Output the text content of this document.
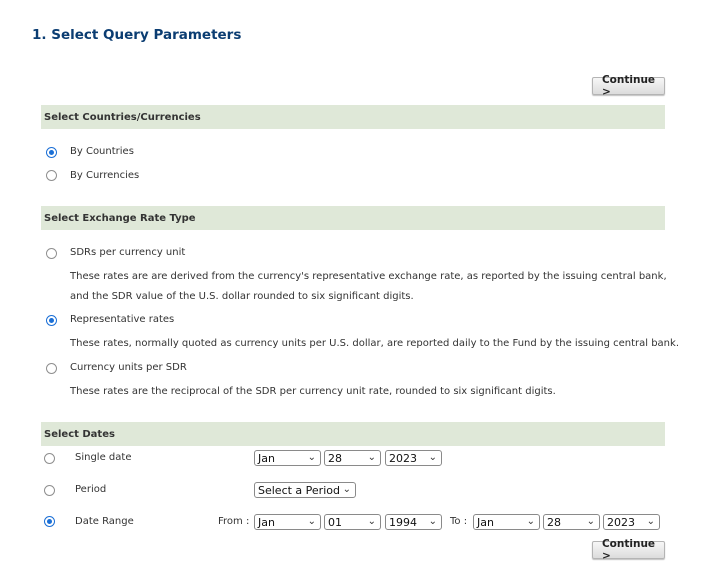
1. Select Query Parameters
Continue >
Select Countries/Currencies
By Countries
By Currencies
Select Exchange Rate Type
SDRs per currency unit
These rates are are derived from the currency's representative exchange rate, as reported by the issuing central bank, and the SDR value of the U.S. dollar rounded to six significant digits.
Representative rates
These rates, normally quoted as currency units per U.S. dollar, are reported daily to the Fund by the issuing central bank.
Currency units per SDR
These rates are the reciprocal of the SDR per currency unit rate, rounded to six significant digits.
Select Dates
Single date	Jan	⌄ 28	⌄ 2023 ⌄
Period	Select a Period ⌄
Date Range	From : Jan	⌄ 01	⌄ 1994 ⌄ To : Jan	⌄ 28	⌄ 2023 ⌄
Continue >
